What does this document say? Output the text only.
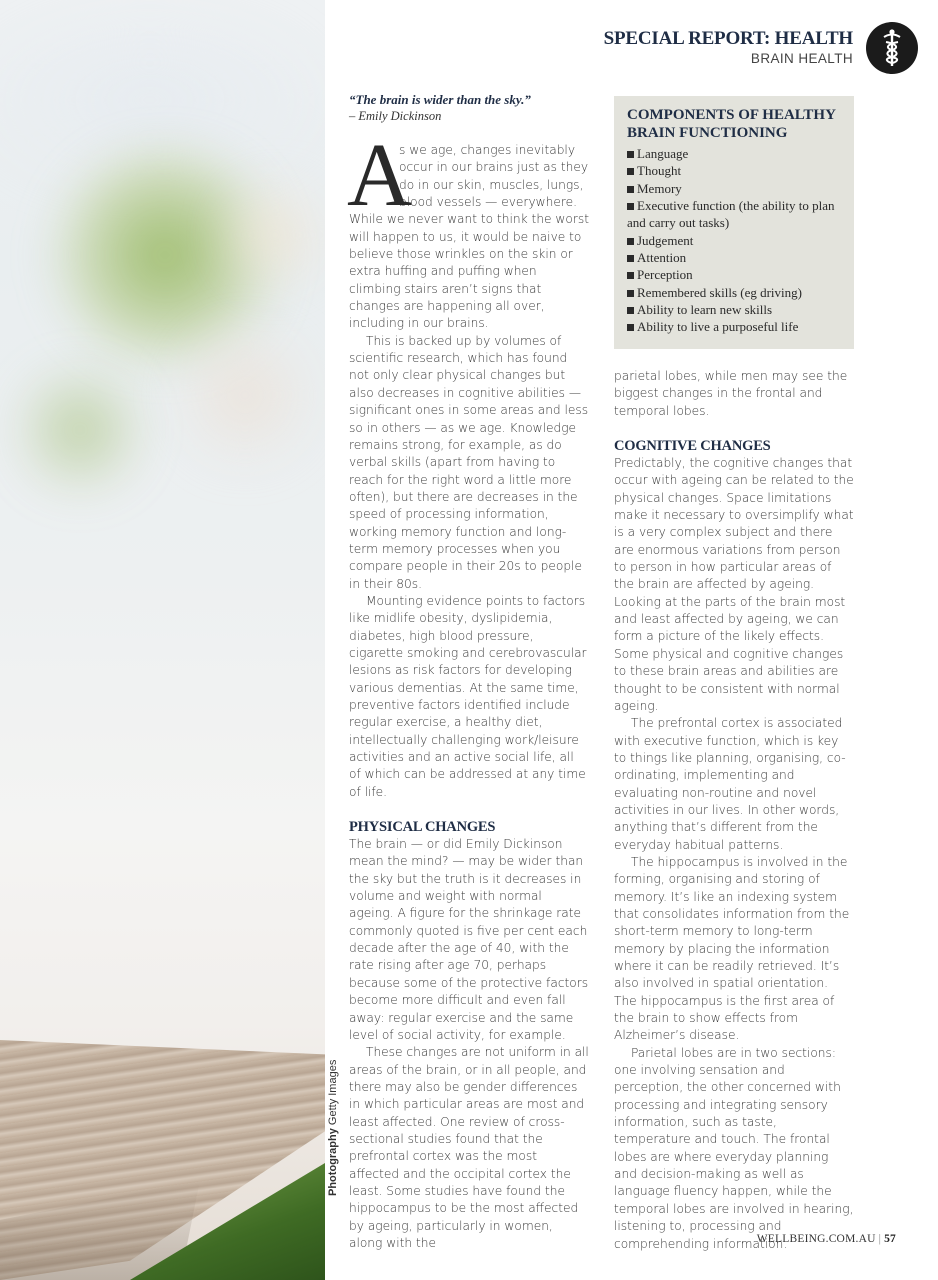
Photography Getty Images
SPECIAL REPORT: HEALTH
BRAIN HEALTH
“The brain is wider than the sky.”
– Emily Dickinson

A
s we age, changes inevitably occur in our brains just as they do in our skin, muscles, lungs, blood vessels — everywhere. While we never want to think the worst will happen to us, it would be naive to believe those wrinkles on the skin or extra huffing and puffing when climbing stairs aren’t signs that changes are happening all over, including in our brains.

This is backed up by volumes of scientific research, which has found not only clear physical changes but also decreases in cognitive abilities — significant ones in some areas and less so in others — as we age. Knowledge remains strong, for example, as do verbal skills (apart from having to reach for the right word a little more often), but there are decreases in the speed of processing information, working memory function and long-term memory processes when you compare people in their 20s to people in their 80s.

Mounting evidence points to factors like midlife obesity, dyslipidemia, diabetes, high blood pressure, cigarette smoking and cerebrovascular lesions as risk factors for developing various dementias. At the same time, preventive factors identified include regular exercise, a healthy diet, intellectually challenging work/leisure activities and an active social life, all of which can be addressed at any time of life.

PHYSICAL CHANGES

The brain — or did Emily Dickinson mean the mind? — may be wider than the sky but the truth is it decreases in volume and weight with normal ageing. A figure for the shrinkage rate commonly quoted is five per cent each decade after the age of 40, with the rate rising after age 70, perhaps because some of the protective factors become more difficult and even fall away: regular exercise and the same level of social activity, for example.

These changes are not uniform in all areas of the brain, or in all people, and there may also be gender differences in which particular areas are most and least affected. One review of cross-sectional studies found that the prefrontal cortex was the most affected and the occipital cortex the least. Some studies have found the hippocampus to be the most affected by ageing, particularly in women, along with the

COMPONENTS OF HEALTHY BRAIN FUNCTIONING
Language
Thought
Memory
Executive function (the ability to plan and carry out tasks)
Judgement
Attention
Perception
Remembered skills (eg driving)
Ability to learn new skills
Ability to live a purposeful life

parietal lobes, while men may see the biggest changes in the frontal and temporal lobes.

COGNITIVE CHANGES

Predictably, the cognitive changes that occur with ageing can be related to the physical changes. Space limitations make it necessary to oversimplify what is a very complex subject and there are enormous variations from person to person in how particular areas of the brain are affected by ageing. Looking at the parts of the brain most and least affected by ageing, we can form a picture of the likely effects. Some physical and cognitive changes to these brain areas and abilities are thought to be consistent with normal ageing.

The prefrontal cortex is associated with executive function, which is key to things like planning, organising, co-ordinating, implementing and evaluating non-routine and novel activities in our lives. In other words, anything that’s different from the everyday habitual patterns.

The hippocampus is involved in the forming, organising and storing of memory. It’s like an indexing system that consolidates information from the short-term memory to long-term memory by placing the information where it can be readily retrieved. It’s also involved in spatial orientation. The hippocampus is the first area of the brain to show effects from Alzheimer’s disease.

Parietal lobes are in two sections: one involving sensation and perception, the other concerned with processing and integrating sensory information, such as taste, temperature and touch. The frontal lobes are where everyday planning and decision-making as well as language fluency happen, while the temporal lobes are involved in hearing, listening to, processing and comprehending information.

WELLBEING.COM.AU | 57
